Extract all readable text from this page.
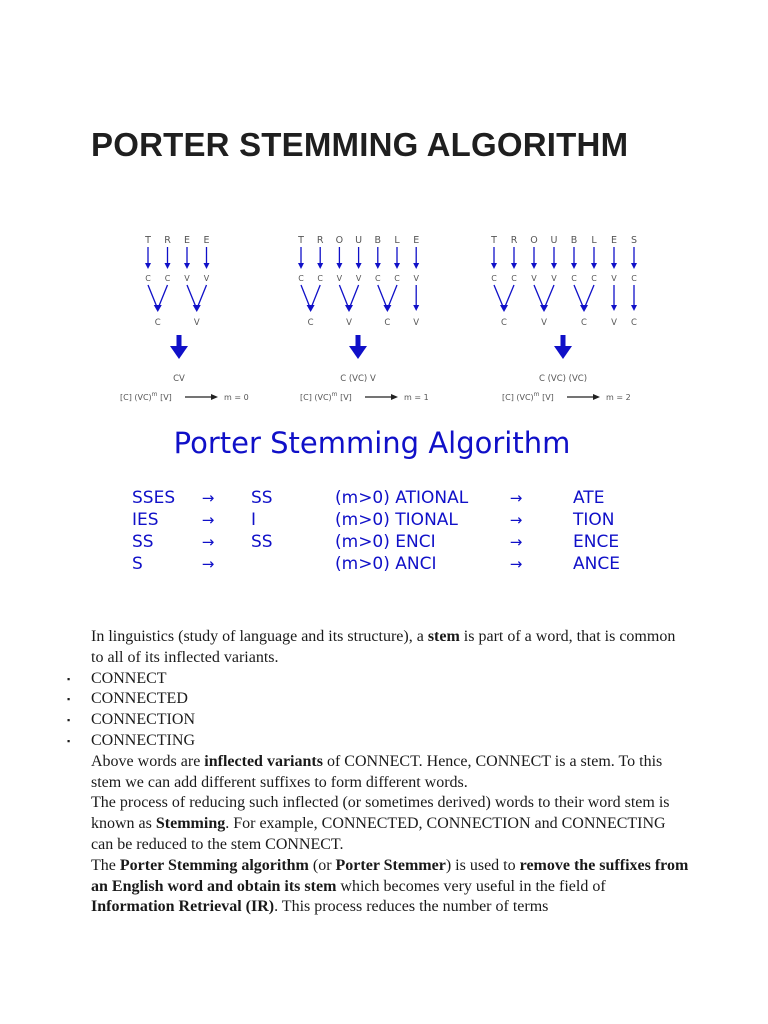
PORTER STEMMING ALGORITHM
T R E E
C C V V
C	V
CV
[C] (VC)$^m$ [V]	m = 0
T R O U B L E
C C V V C C V
C	V	C	V
C (VC) V
[C] (VC)$^m$ [V]	m = 1
T R O U B L E S
C C V V C C V C
C	V	C	V C
C (VC) (VC)
[C] (VC)$^m$ [V]	m = 2
Porter Stemming Algorithm
SSES → SS
IES	→ I
SS	→ SS
S	→
(m>0) ATIONAL	→	ATE
(m>0) TIONAL	→	TION
(m>0) ENCI	→	ENCE
(m>0) ANCI	→	ANCE

In linguistics (study of language and its structure), a stem is part of a word, that is common to all of its inflected variants.

▪ CONNECT
▪ CONNECTED
▪ CONNECTION
▪ CONNECTING

Above words are inflected variants of CONNECT. Hence, CONNECT is a stem. To this stem we can add different suffixes to form different words.

The process of reducing such inflected (or sometimes derived) words to their word stem is known as Stemming. For example, CONNECTED, CONNECTION and CONNECTING can be reduced to the stem CONNECT.

The Porter Stemming algorithm (or Porter Stemmer) is used to remove the suffixes from an English word and obtain its stem which becomes very useful in the field of Information Retrieval (IR). This process reduces the number of terms
